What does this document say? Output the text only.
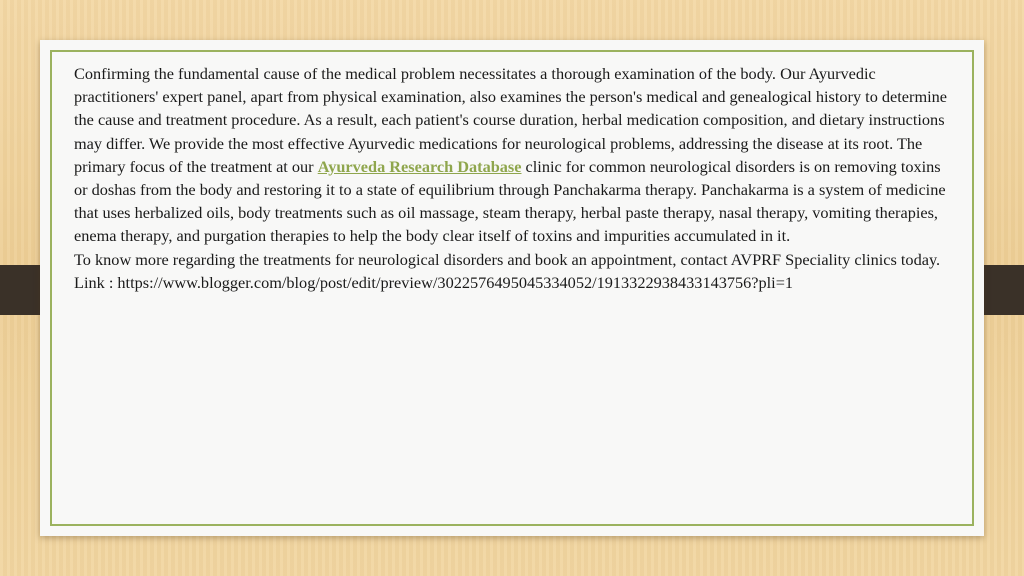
Confirming the fundamental cause of the medical problem necessitates a thorough examination of the body. Our Ayurvedic practitioners' expert panel, apart from physical examination, also examines the person's medical and genealogical history to determine the cause and treatment procedure. As a result, each patient's course duration, herbal medication composition, and dietary instructions may differ. We provide the most effective Ayurvedic medications for neurological problems, addressing the disease at its root. The primary focus of the treatment at our Ayurveda Research Database clinic for common neurological disorders is on removing toxins or doshas from the body and restoring it to a state of equilibrium through Panchakarma therapy. Panchakarma is a system of medicine that uses herbalized oils, body treatments such as oil massage, steam therapy, herbal paste therapy, nasal therapy, vomiting therapies, enema therapy, and purgation therapies to help the body clear itself of toxins and impurities accumulated in it.

To know more regarding the treatments for neurological disorders and book an appointment, contact AVPRF Speciality clinics today.

Link : https://www.blogger.com/blog/post/edit/preview/3022576495045334052/1913322938433143756?pli=1
